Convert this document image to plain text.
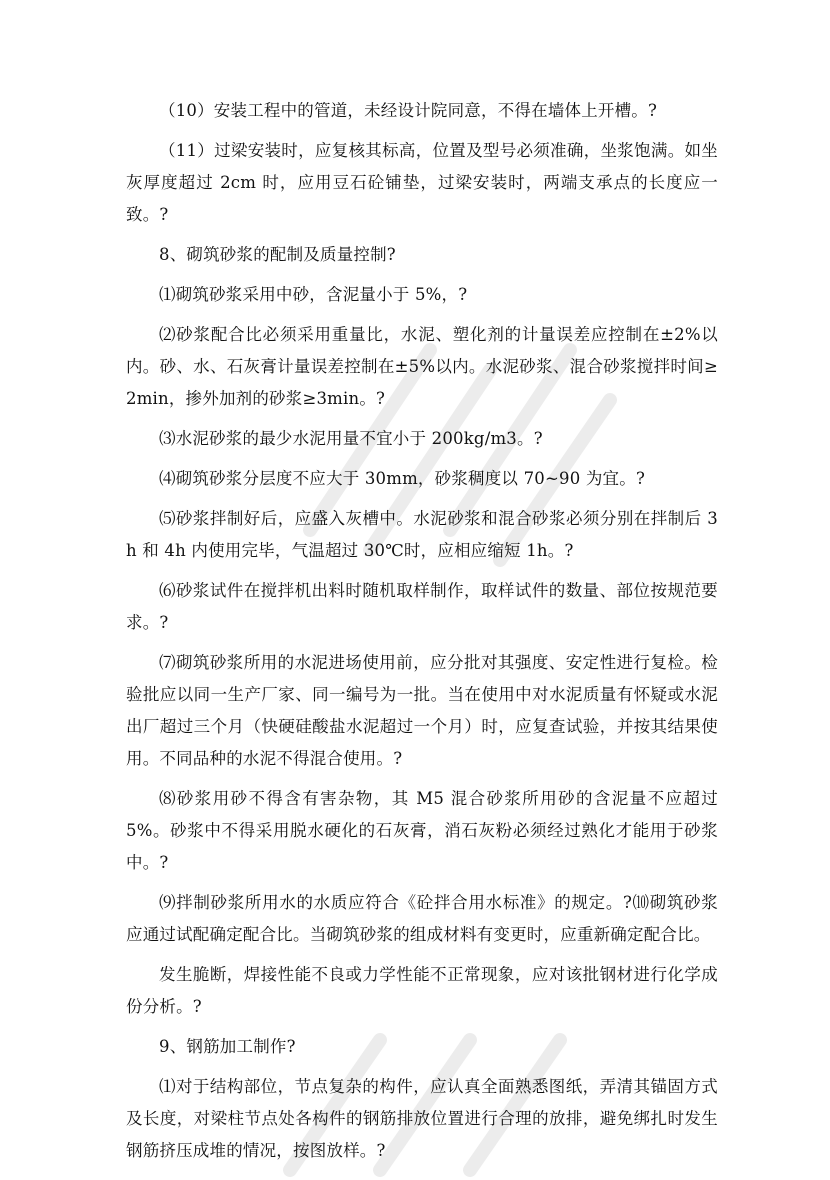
（10）安装工程中的管道，未经设计院同意，不得在墙体上开槽。?

（11）过梁安装时，应复核其标高，位置及型号必须准确，坐浆饱满。如坐灰厚度超过 2cm 时，应用豆石砼铺垫，过梁安装时，两端支承点的长度应一致。?

8、砌筑砂浆的配制及质量控制?

⑴砌筑砂浆采用中砂，含泥量小于 5%，?

⑵砂浆配合比必须采用重量比，水泥、塑化剂的计量误差应控制在±2%以内。砂、水、石灰膏计量误差控制在±5%以内。水泥砂浆、混合砂浆搅拌时间≥2min，掺外加剂的砂浆≥3min。?

⑶水泥砂浆的最少水泥用量不宜小于 200kg/m3。?

⑷砌筑砂浆分层度不应大于 30mm，砂浆稠度以 70~90 为宜。?

⑸砂浆拌制好后，应盛入灰槽中。水泥砂浆和混合砂浆必须分别在拌制后 3h 和 4h 内使用完毕，气温超过 30℃时，应相应缩短 1h。?

⑹砂浆试件在搅拌机出料时随机取样制作，取样试件的数量、部位按规范要求。?

⑺砌筑砂浆所用的水泥进场使用前，应分批对其强度、安定性进行复检。检验批应以同一生产厂家、同一编号为一批。当在使用中对水泥质量有怀疑或水泥出厂超过三个月（快硬硅酸盐水泥超过一个月）时，应复查试验，并按其结果使用。不同品种的水泥不得混合使用。?

⑻砂浆用砂不得含有害杂物，其 M5 混合砂浆所用砂的含泥量不应超过 5%。砂浆中不得采用脱水硬化的石灰膏，消石灰粉必须经过熟化才能用于砂浆中。?

⑼拌制砂浆所用水的水质应符合《砼拌合用水标准》的规定。?⑽砌筑砂浆应通过试配确定配合比。当砌筑砂浆的组成材料有变更时，应重新确定配合比。

发生脆断，焊接性能不良或力学性能不正常现象，应对该批钢材进行化学成份分析。?

9、钢筋加工制作?

⑴对于结构部位，节点复杂的构件，应认真全面熟悉图纸，弄清其锚固方式及长度，对梁柱节点处各构件的钢筋排放位置进行合理的放排，避免绑扎时发生钢筋挤压成堆的情况，按图放样。?
